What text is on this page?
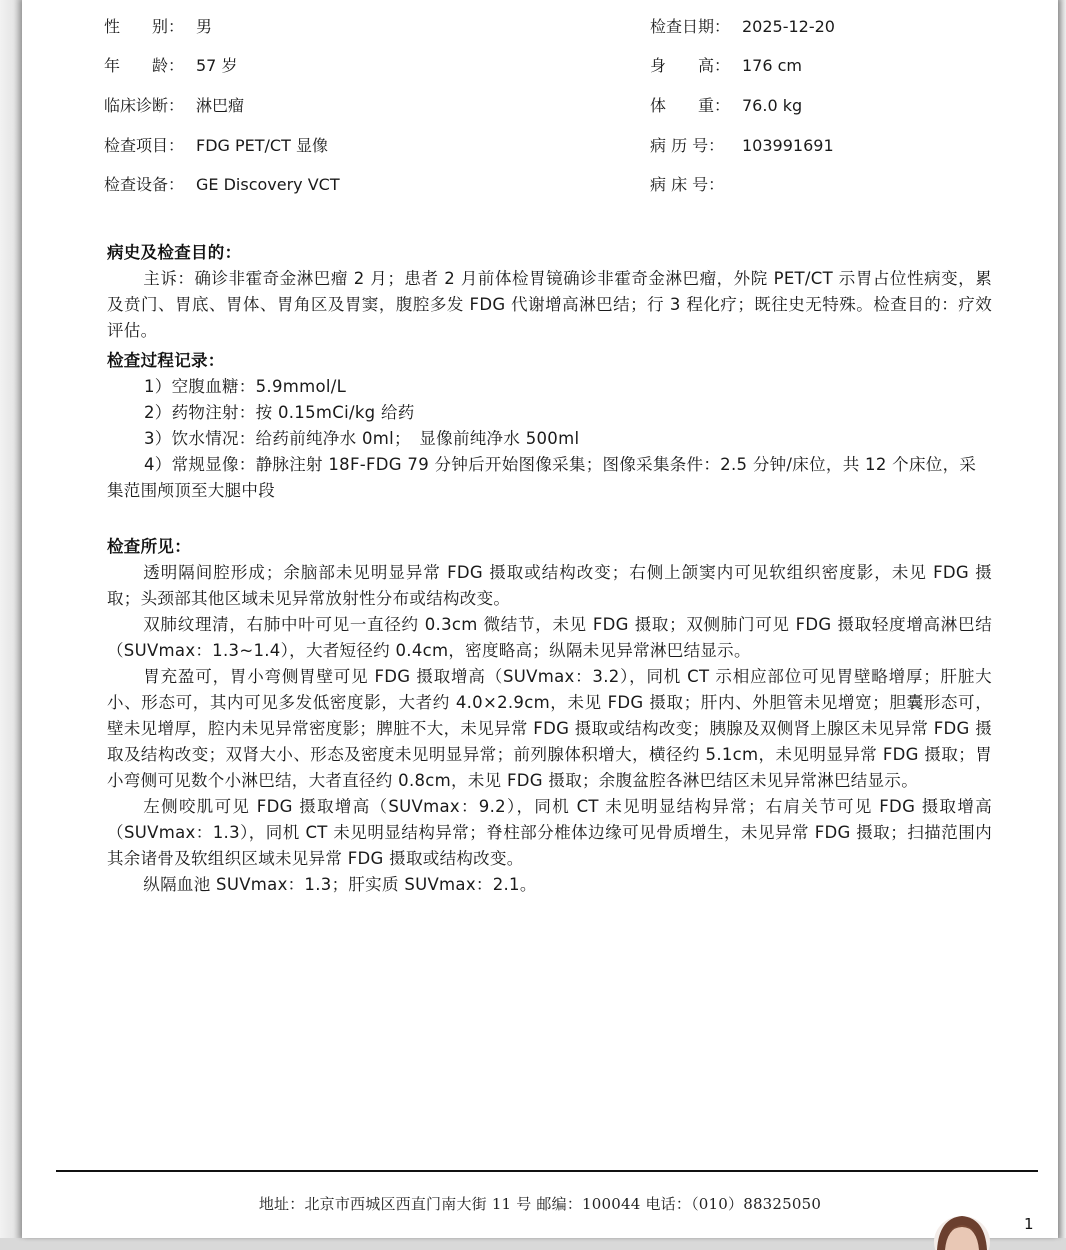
性　　别： 男
年　　龄： 57 岁
临床诊断： 淋巴瘤
检查项目： FDG PET/CT 显像
检查设备： GE Discovery VCT
检查日期： 2025-12-20
身　　高： 176 cm
体　　重： 76.0 kg
病 历 号： 103991691
病 床 号：
病史及检查目的：
主诉：确诊非霍奇金淋巴瘤 2 月；患者 2 月前体检胃镜确诊非霍奇金淋巴瘤，外院 PET/CT 示胃占位性病变，累及贲门、胃底、胃体、胃角区及胃窦，腹腔多发 FDG 代谢增高淋巴结；行 3 程化疗；既往史无特殊。检查目的：疗效评估。
检查过程记录：
1）空腹血糖：5.9mmol/L
2）药物注射：按 0.15mCi/kg 给药
3）饮水情况：给药前纯净水 0ml；　显像前纯净水 500ml
4）常规显像：静脉注射 18F-FDG 79 分钟后开始图像采集；图像采集条件：2.5 分钟/床位，共 12 个床位，采集范围颅顶至大腿中段
检查所见：
透明隔间腔形成；余脑部未见明显异常 FDG 摄取或结构改变；右侧上颌窦内可见软组织密度影，未见 FDG 摄取；头颈部其他区域未见异常放射性分布或结构改变。
双肺纹理清，右肺中叶可见一直径约 0.3cm 微结节，未见 FDG 摄取；双侧肺门可见 FDG 摄取轻度增高淋巴结（SUVmax：1.3~1.4），大者短径约 0.4cm，密度略高；纵隔未见异常淋巴结显示。
胃充盈可，胃小弯侧胃壁可见 FDG 摄取增高（SUVmax：3.2），同机 CT 示相应部位可见胃壁略增厚；肝脏大小、形态可，其内可见多发低密度影，大者约 4.0×2.9cm，未见 FDG 摄取；肝内、外胆管未见增宽；胆囊形态可，壁未见增厚，腔内未见异常密度影；脾脏不大，未见异常 FDG 摄取或结构改变；胰腺及双侧肾上腺区未见异常 FDG 摄取及结构改变；双肾大小、形态及密度未见明显异常；前列腺体积增大，横径约 5.1cm，未见明显异常 FDG 摄取；胃小弯侧可见数个小淋巴结，大者直径约 0.8cm，未见 FDG 摄取；余腹盆腔各淋巴结区未见异常淋巴结显示。
左侧咬肌可见 FDG 摄取增高（SUVmax：9.2），同机 CT 未见明显结构异常；右肩关节可见 FDG 摄取增高（SUVmax：1.3），同机 CT 未见明显结构异常；脊柱部分椎体边缘可见骨质增生，未见异常 FDG 摄取；扫描范围内其余诸骨及软组织区域未见异常 FDG 摄取或结构改变。
纵隔血池 SUVmax：1.3；肝实质 SUVmax：2.1。
地址：北京市西城区西直门南大街 11 号 邮编：100044 电话：（010）88325050
1
